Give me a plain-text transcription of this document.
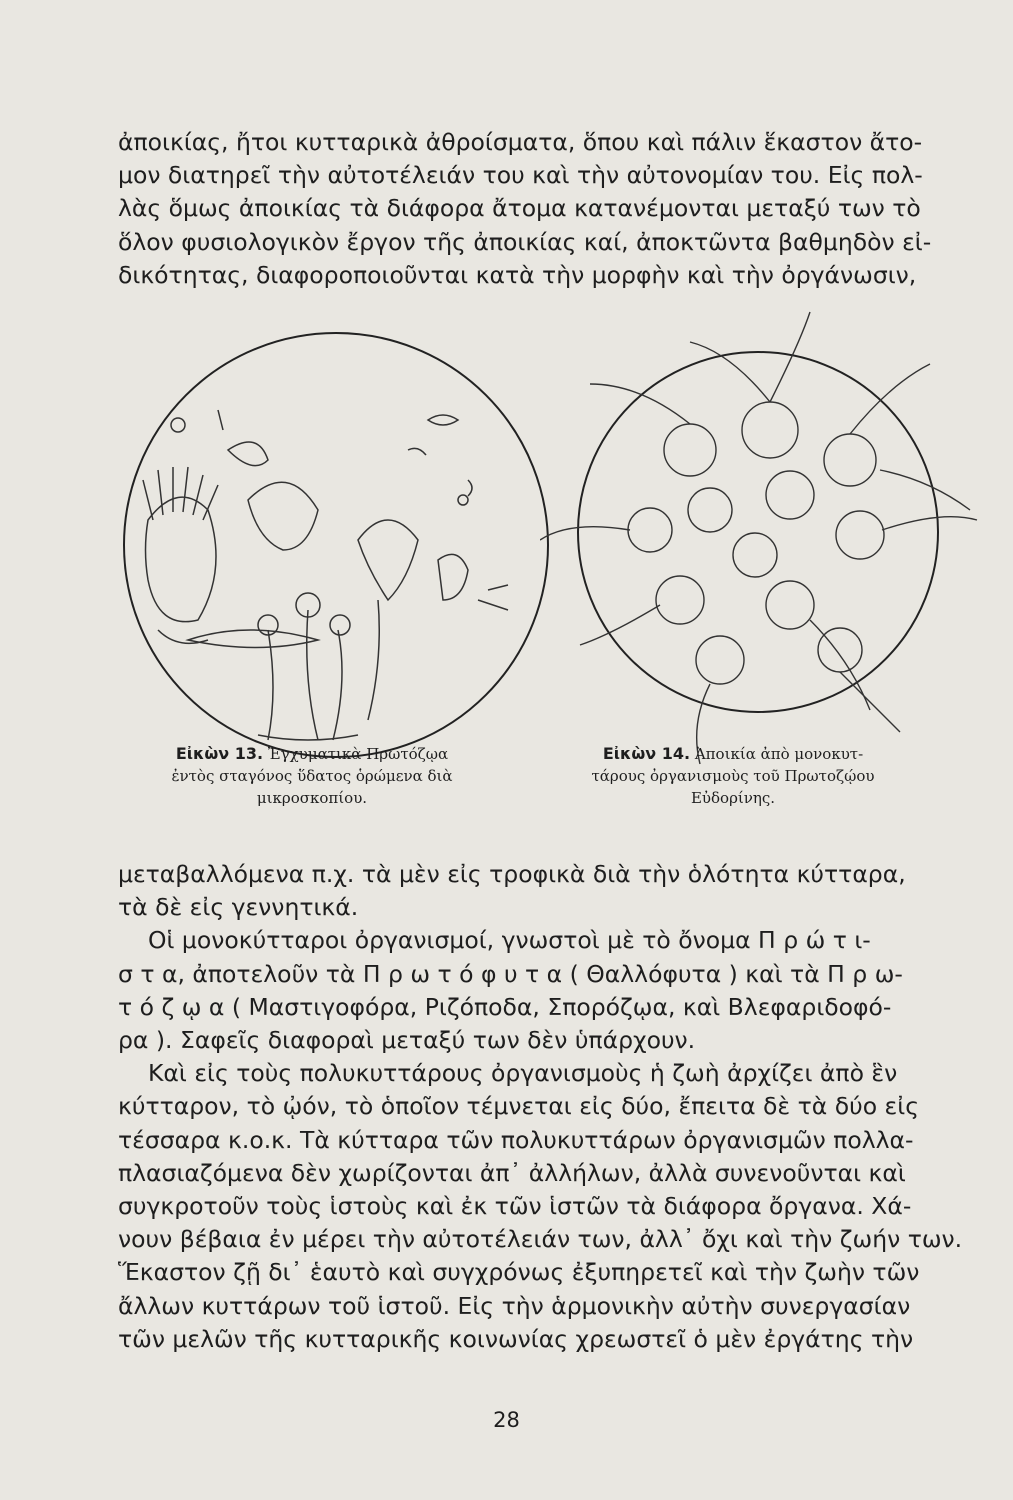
ἀποικίας, ἤτοι κυτταρικὰ ἀθροίσματα, ὅπου καὶ πάλιν ἕκαστον ἄτο-
μον διατηρεῖ τὴν αὐτοτέλειάν του καὶ τὴν αὐτονομίαν του. Εἰς πολ-
λὰς ὅμως ἀποικίας τὰ διάφορα ἄτομα κατανέμονται μεταξύ των τὸ
ὅλον φυσιολογικὸν ἔργον τῆς ἀποικίας καί, ἀποκτῶντα βαθμηδὸν εἰ-
δικότητας, διαφοροποιοῦνται κατὰ τὴν μορφὴν καὶ τὴν ὀργάνωσιν,

Εἰκὼν 13. Ἐγχυματικὰ Πρωτόζῳα
ἐντὸς σταγόνος ὕδατος ὁρώμενα διὰ
μικροσκοπίου.
Εἰκὼν 14. Ἀποικία ἀπὸ μονοκυτ-
τάρους ὀργανισμοὺς τοῦ Πρωτοζῴου
Εὐδορίνης.

μεταβαλλόμενα π.χ. τὰ μὲν εἰς τροφικὰ διὰ τὴν ὁλότητα κύτταρα,
τὰ δὲ εἰς γεννητικά.
Οἱ μονοκύτταροι ὀργανισμοί, γνωστοὶ μὲ τὸ ὄνομα Π ρ ώ τ ι-
σ τ α, ἀποτελοῦν τὰ Π ρ ω τ ό φ υ τ α ( Θαλλόφυτα ) καὶ τὰ Π ρ ω-
τ ό ζ ῳ α ( Μαστιγοφόρα, Ριζόποδα, Σπορόζῳα, καὶ Βλεφαριδοφό-
ρα ). Σαφεῖς διαφοραὶ μεταξύ των δὲν ὑπάρχουν.
Καὶ εἰς τοὺς πολυκυττάρους ὀργανισμοὺς ἡ ζωὴ ἀρχίζει ἀπὸ ἓν
κύτταρον, τὸ ᾠόν, τὸ ὁποῖον τέμνεται εἰς δύο, ἔπειτα δὲ τὰ δύο εἰς
τέσσαρα κ.ο.κ. Τὰ κύτταρα τῶν πολυκυττάρων ὀργανισμῶν πολλα-
πλασιαζόμενα δὲν χωρίζονται ἀπ᾽ ἀλλήλων, ἀλλὰ συνενοῦνται καὶ
συγκροτοῦν τοὺς ἱστοὺς καὶ ἐκ τῶν ἱστῶν τὰ διάφορα ὄργανα. Χά-
νουν βέβαια ἐν μέρει τὴν αὐτοτέλειάν των, ἀλλ᾽ ὄχι καὶ τὴν ζωήν των.
Ἕκαστον ζῇ δι᾽ ἑαυτὸ καὶ συγχρόνως ἐξυπηρετεῖ καὶ τὴν ζωὴν τῶν
ἄλλων κυττάρων τοῦ ἱστοῦ. Εἰς τὴν ἁρμονικὴν αὐτὴν συνεργασίαν
τῶν μελῶν τῆς κυτταρικῆς κοινωνίας χρεωστεῖ ὁ μὲν ἐργάτης τὴν

28
